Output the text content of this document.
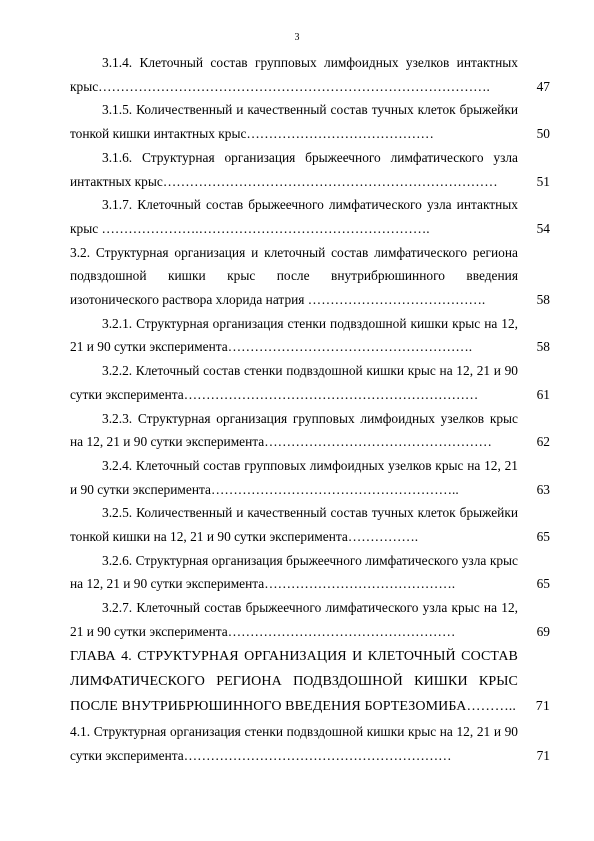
3
3.1.4. Клеточный состав групповых лимфоидных узелков интактных крыс…………………………………………………………………………….	47
3.1.5. Количественный и качественный состав тучных клеток брыжейки тонкой кишки интактных крыс……………………………………	50
3.1.6. Структурная организация брыжеечного лимфатического узла интактных крыс…………………………………………………………………	51
3.1.7. Клеточный состав брыжеечного лимфатического узла интактных крыс ………………….…………………………………………….	54
3.2. Структурная организация и клеточный состав лимфатического региона подвздошной кишки крыс после внутрибрюшинного введения изотонического раствора хлорида натрия ………………………………….	58
3.2.1. Структурная организация стенки подвздошной кишки крыс на 12, 21 и 90 сутки эксперимента……………………………………………….	58
3.2.2. Клеточный состав стенки подвздошной кишки крыс на 12, 21 и 90 сутки эксперимента…………………………………………………………	61
3.2.3. Структурная организация групповых лимфоидных узелков крыс на 12, 21 и 90 сутки эксперимента……………………………………………	62
3.2.4. Клеточный состав групповых лимфоидных узелков крыс на 12, 21 и 90 сутки эксперимента………………………………………………..	63
3.2.5. Количественный и качественный состав тучных клеток брыжейки тонкой кишки на 12, 21 и 90 сутки эксперимента…………….	65
3.2.6. Структурная организация брыжеечного лимфатического узла крыс на 12, 21 и 90 сутки эксперимента…………………………………….	65
3.2.7. Клеточный состав брыжеечного лимфатического узла крыс на 12, 21 и 90 сутки эксперимента……………………………………………	69
ГЛАВА 4. СТРУКТУРНАЯ ОРГАНИЗАЦИЯ И КЛЕТОЧНЫЙ СОСТАВ ЛИМФАТИЧЕСКОГО РЕГИОНА ПОДВЗДОШНОЙ КИШКИ КРЫС ПОСЛЕ ВНУТРИБРЮШИННОГО ВВЕДЕНИЯ БОРТЕЗОМИБА………..	71
4.1. Структурная организация стенки подвздошной кишки крыс на 12, 21 и 90 сутки эксперимента……………………………………………………	71
